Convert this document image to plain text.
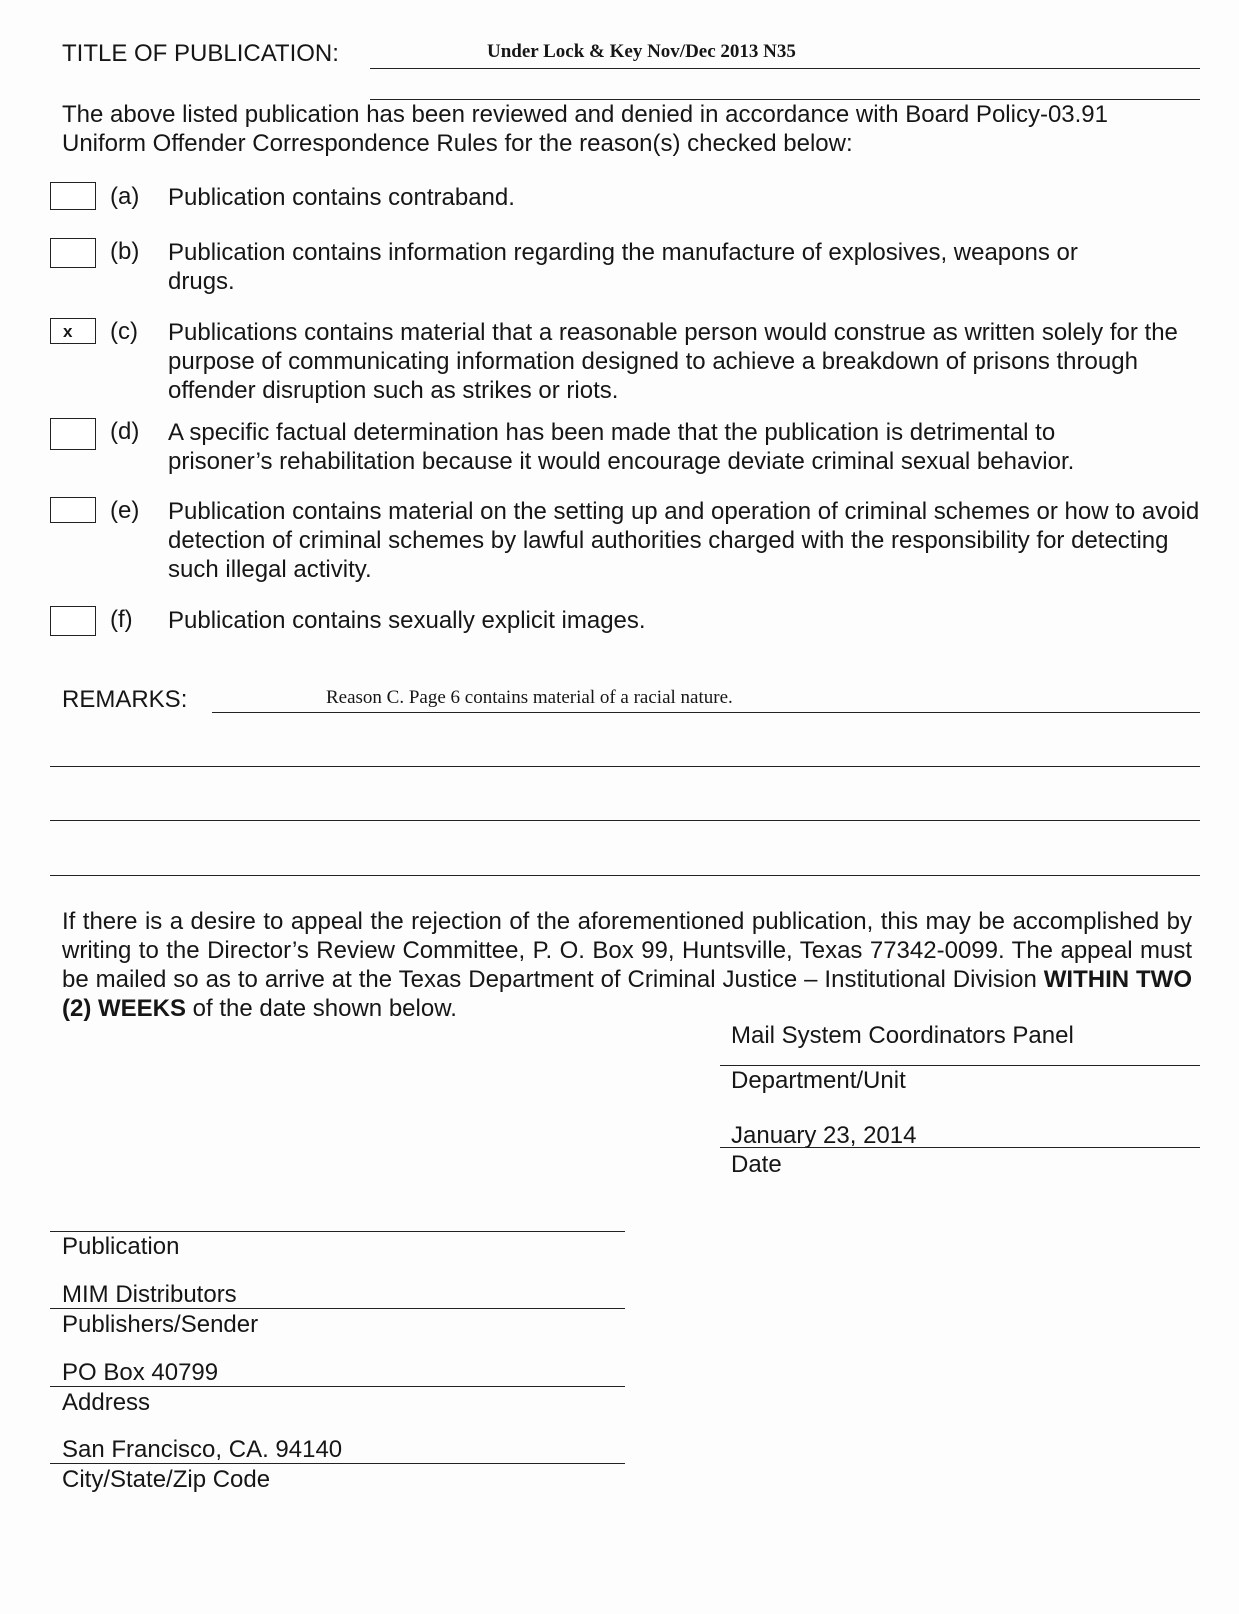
TITLE OF PUBLICATION:	Under Lock & Key Nov/Dec 2013 N35
The above listed publication has been reviewed and denied in accordance with Board Policy-03.91 Uniform Offender Correspondence Rules for the reason(s) checked below:
(a) Publication contains contraband.
(b) Publication contains information regarding the manufacture of explosives, weapons or drugs.
x	(c) Publications contains material that a reasonable person would construe as written solely for the purpose of communicating information designed to achieve a breakdown of prisons through offender disruption such as strikes or riots.
(d) A specific factual determination has been made that the publication is detrimental to prisoner’s rehabilitation because it would encourage deviate criminal sexual behavior.
(e) Publication contains material on the setting up and operation of criminal schemes or how to avoid detection of criminal schemes by lawful authorities charged with the responsibility for detecting such illegal activity.
(f) Publication contains sexually explicit images.
REMARKS:	Reason C. Page 6 contains material of a racial nature.
If there is a desire to appeal the rejection of the aforementioned publication, this may be accomplished by writing to the Director’s Review Committee, P. O. Box 99, Huntsville, Texas 77342-0099. The appeal must be mailed so as to arrive at the Texas Department of Criminal Justice – Institutional Division WITHIN TWO (2) WEEKS of the date shown below.
Mail System Coordinators Panel
Department/Unit
January 23, 2014
Date
Publication
MIM Distributors
Publishers/Sender
PO Box 40799
Address
San Francisco, CA. 94140
City/State/Zip Code
